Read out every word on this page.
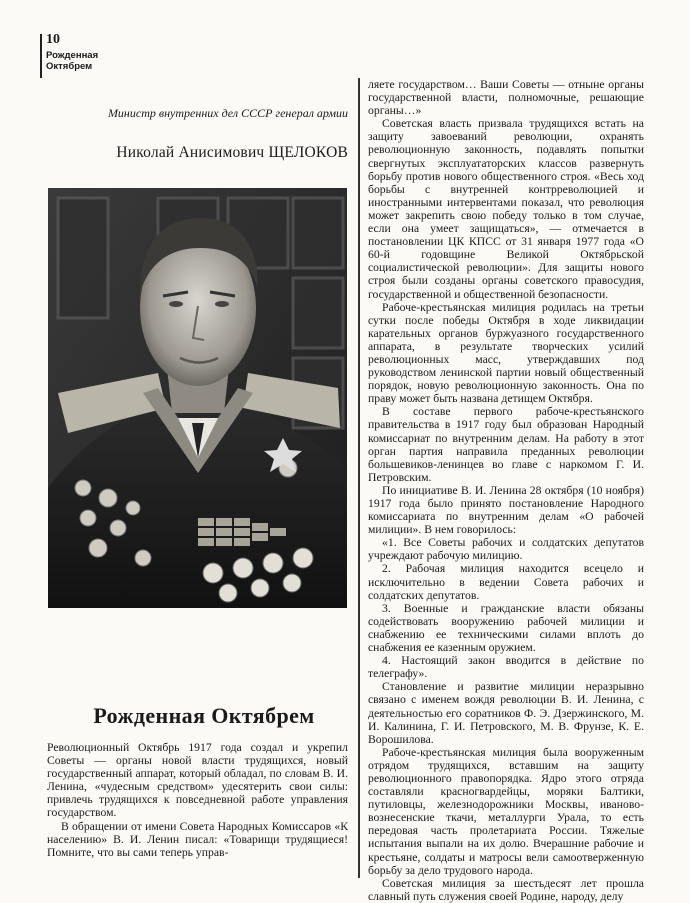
10
Рожденная Октябрем
Министр внутренних дел СССР генерал армии
Николай Анисимович ЩЕЛОКОВ
Рожденная Октябрем

Революционный Октябрь 1917 года создал и укрепил Советы — органы новой власти трудящихся, новый государственный аппарат, который обладал, по словам В. И. Ленина, «чудесным средством» удесятерить свои силы: привлечь трудящихся к повседневной работе управления государством.

В обращении от имени Совета Народных Комиссаров «К населению» В. И. Ленин писал: «Товарищи трудящиеся! Помните, что вы сами теперь управ-

ляете государством… Ваши Советы — отныне органы государственной власти, полномочные, решающие органы…»

Советская власть призвала трудящихся встать на защиту завоеваний революции, охранять революционную законность, подавлять попытки свергнутых эксплуататорских классов развернуть борьбу против нового общественного строя. «Весь ход борьбы с внутренней контрреволюцией и иностранными интервентами показал, что революция может закрепить свою победу только в том случае, если она умеет защищаться», — отмечается в постановлении ЦК КПСС от 31 января 1977 года «О 60-й годовщине Великой Октябрьской социалистической революции». Для защиты нового строя были созданы органы советского правосудия, государственной и общественной безопасности.

Рабоче-крестьянская милиция родилась на третьи сутки после победы Октября в ходе ликвидации карательных органов буржуазного государственного аппарата, в результате творческих усилий революционных масс, утверждавших под руководством ленинской партии новый общественный порядок, новую революционную законность. Она по праву может быть названа детищем Октября.

В составе первого рабоче-крестьянского правительства в 1917 году был образован Народный комиссариат по внутренним делам. На работу в этот орган партия направила преданных революции большевиков-ленинцев во главе с наркомом Г. И. Петровским.

По инициативе В. И. Ленина 28 октября (10 ноября) 1917 года было принято постановление Народного комиссариата по внутренним делам «О рабочей милиции». В нем говорилось:

«1. Все Советы рабочих и солдатских депутатов учреждают рабочую милицию.

2. Рабочая милиция находится всецело и исключительно в ведении Совета рабочих и солдатских депутатов.

3. Военные и гражданские власти обязаны содействовать вооружению рабочей милиции и снабжению ее техническими силами вплоть до снабжения ее казенным оружием.

4. Настоящий закон вводится в действие по телеграфу».

Становление и развитие милиции неразрывно связано с именем вождя революции В. И. Ленина, с деятельностью его соратников Ф. Э. Дзержинского, М. И. Калинина, Г. И. Петровского, М. В. Фрунзе, К. Е. Ворошилова.

Рабоче-крестьянская милиция была вооруженным отрядом трудящихся, вставшим на защиту революционного правопорядка. Ядро этого отряда составляли красногвардейцы, моряки Балтики, путиловцы, железнодорожники Москвы, иваново-вознесенские ткачи, металлурги Урала, то есть передовая часть пролетариата России. Тяжелые испытания выпали на их долю. Вчерашние рабочие и крестьяне, солдаты и матросы вели самоотверженную борьбу за дело трудового народа.

Советская милиция за шестьдесят лет прошла славный путь служения своей Родине, народу, делу
